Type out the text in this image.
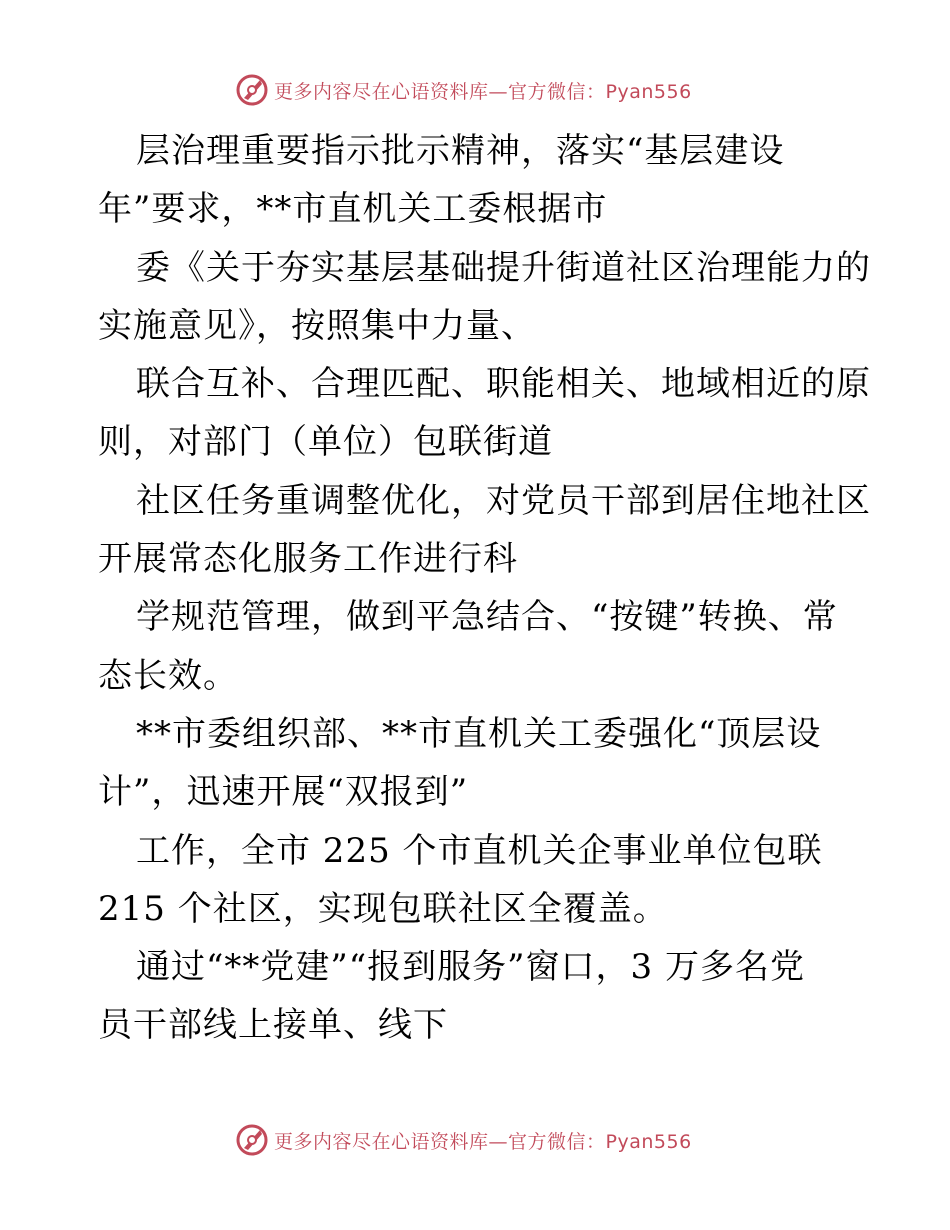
更多内容尽在心语资料库—官方微信：Pyan556
层治理重要指示批示精神，落实“基层建设
年”要求，**市直机关工委根据市
委《关于夯实基层基础提升街道社区治理能力的
实施意见》，按照集中力量、
联合互补、合理匹配、职能相关、地域相近的原
则，对部门（单位）包联街道
社区任务重调整优化，对党员干部到居住地社区
开展常态化服务工作进行科
学规范管理，做到平急结合、“按键”转换、常
态长效。
**市委组织部、**市直机关工委强化“顶层设
计”，迅速开展“双报到”
工作，全市 225 个市直机关企事业单位包联
215 个社区，实现包联社区全覆盖。
通过“**党建”“报到服务”窗口，3 万多名党
员干部线上接单、线下
更多内容尽在心语资料库—官方微信：Pyan556
